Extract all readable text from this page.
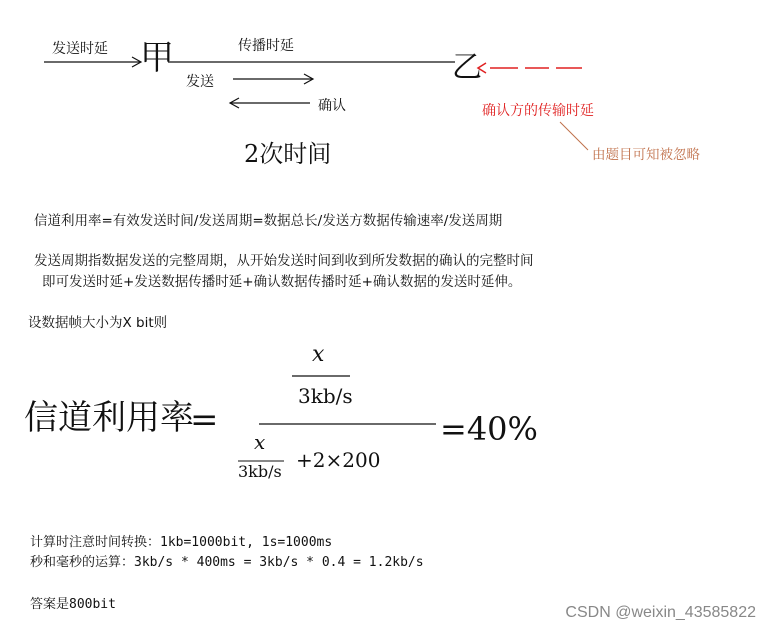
发送时延 甲	传播时延
乙
发送
确认
2次时间
确认方的传输时延
由题目可知被忽略
信道利用率=有效发送时间/发送周期=数据总长/发送方数据传输速率/发送周期
发送周期指数据发送的完整周期，从开始发送时间到收到所发数据的确认的完整时间
即可发送时延+发送数据传播时延+确认数据传播时延+确认数据的发送时延伸。
设数据帧大小为X bit则
信道利用率
=
x
3kb/s
x
3kb/s +2×200
=40%
计算时注意时间转换：1kb=1000bit, 1s=1000ms
秒和毫秒的运算：3kb/s * 400ms = 3kb/s * 0.4 = 1.2kb/s
答案是800bit	CSDN @weixin_43585822
